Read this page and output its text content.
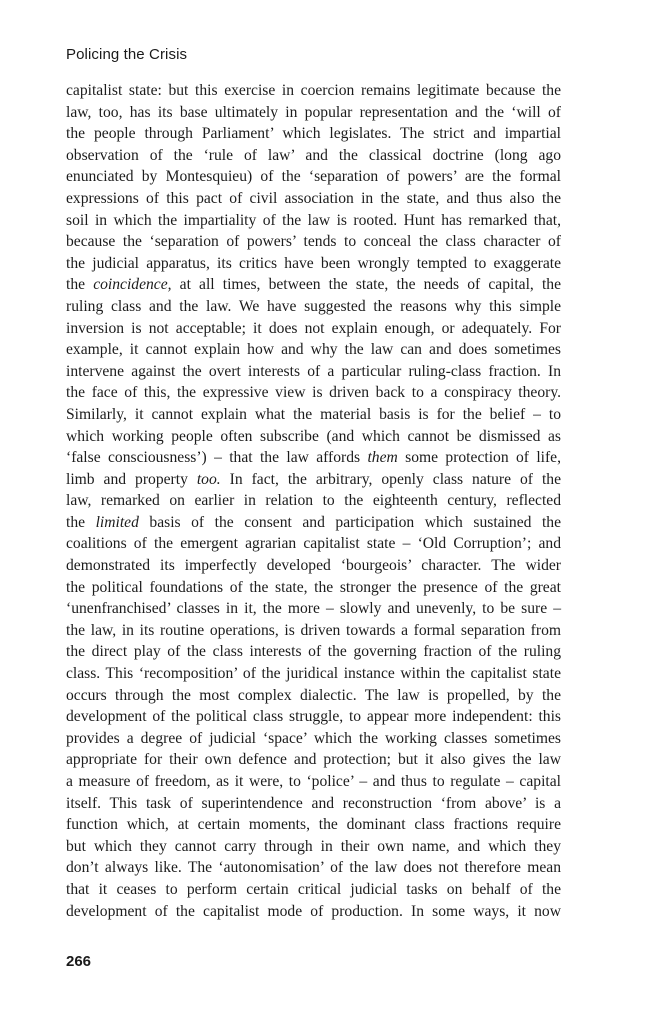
Policing the Crisis
capitalist state: but this exercise in coercion remains legitimate because the
law, too, has its base ultimately in popular representation and the ‘will of
the people through Parliament’ which legislates. The strict and impartial
observation of the ‘rule of law’ and the classical doctrine (long ago
enunciated by Montesquieu) of the ‘separation of powers’ are the formal
expressions of this pact of civil association in the state, and thus also the
soil in which the impartiality of the law is rooted. Hunt has remarked that,
because the ‘separation of powers’ tends to conceal the class character of
the judicial apparatus, its critics have been wrongly tempted to exaggerate
the coincidence, at all times, between the state, the needs of capital, the
ruling class and the law. We have suggested the reasons why this simple
inversion is not acceptable; it does not explain enough, or adequately. For
example, it cannot explain how and why the law can and does sometimes
intervene against the overt interests of a particular ruling-class fraction. In
the face of this, the expressive view is driven back to a conspiracy theory.
Similarly, it cannot explain what the material basis is for the belief – to
which working people often subscribe (and which cannot be dismissed as
‘false consciousness’) – that the law affords them some protection of life,
limb and property too. In fact, the arbitrary, openly class nature of the
law, remarked on earlier in relation to the eighteenth century, reflected
the limited basis of the consent and participation which sustained the
coalitions of the emergent agrarian capitalist state – ‘Old Corruption’; and
demonstrated its imperfectly developed ‘bourgeois’ character. The wider
the political foundations of the state, the stronger the presence of the great
‘unenfranchised’ classes in it, the more – slowly and unevenly, to be sure –
the law, in its routine operations, is driven towards a formal separation from
the direct play of the class interests of the governing fraction of the ruling
class. This ‘recomposition’ of the juridical instance within the capitalist state
occurs through the most complex dialectic. The law is propelled, by the
development of the political class struggle, to appear more independent: this
provides a degree of judicial ‘space’ which the working classes sometimes
appropriate for their own defence and protection; but it also gives the law
a measure of freedom, as it were, to ‘police’ – and thus to regulate – capital
itself. This task of superintendence and reconstruction ‘from above’ is a
function which, at certain moments, the dominant class fractions require
but which they cannot carry through in their own name, and which they
don’t always like. The ‘autonomisation’ of the law does not therefore mean
that it ceases to perform certain critical judicial tasks on behalf of the
development of the capitalist mode of production. In some ways, it now
266
